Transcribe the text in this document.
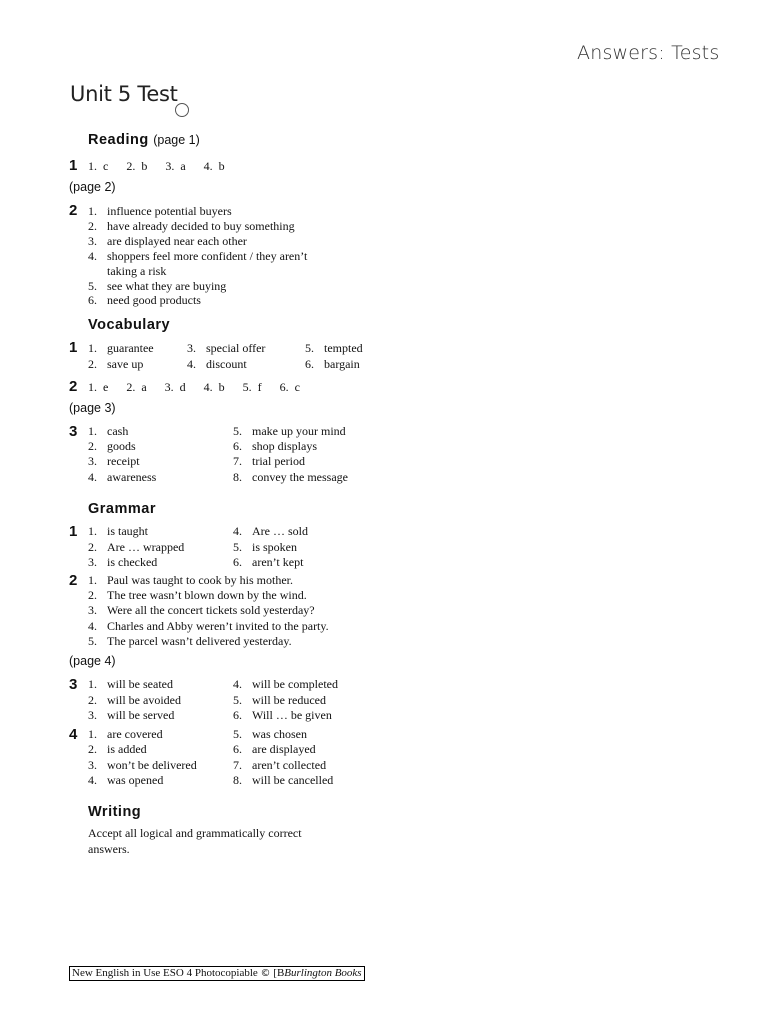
Answers: Tests
Unit 5 Test
Reading (page 1)
1 1. c 2. b 3. a 4. b
(page 2)
2 1. influence potential buyers
2. have already decided to buy something
3. are displayed near each other
4. shoppers feel more confident / they aren’t
taking a risk
5. see what they are buying
6. need good products
Vocabulary
1 1. guarantee	3. special offer	5. tempted
2. save up	4. discount	6. bargain
2 1. e 2. a 3. d 4. b 5. f 6. c
(page 3)
3 1. cash	5. make up your mind
2. goods	6. shop displays
3. receipt	7. trial period
4. awareness	8. convey the message
Grammar
1 1. is taught	4. Are … sold
2. Are … wrapped	5. is spoken
3. is checked	6. aren’t kept
2 1. Paul was taught to cook by his mother.
2. The tree wasn’t blown down by the wind.
3. Were all the concert tickets sold yesterday?
4. Charles and Abby weren’t invited to the party.
5. The parcel wasn’t delivered yesterday.
(page 4)
3 1. will be seated	4. will be completed
2. will be avoided	5. will be reduced
3. will be served	6. Will … be given
4 1. are covered	5. was chosen
2. is added	6. are displayed
3. won’t be delivered	7. aren’t collected
4. was opened	8. will be cancelled
Writing
Accept all logical and grammatically correct
answers.
New English in Use ESO 4 Photocopiable © [BBurlington Books
